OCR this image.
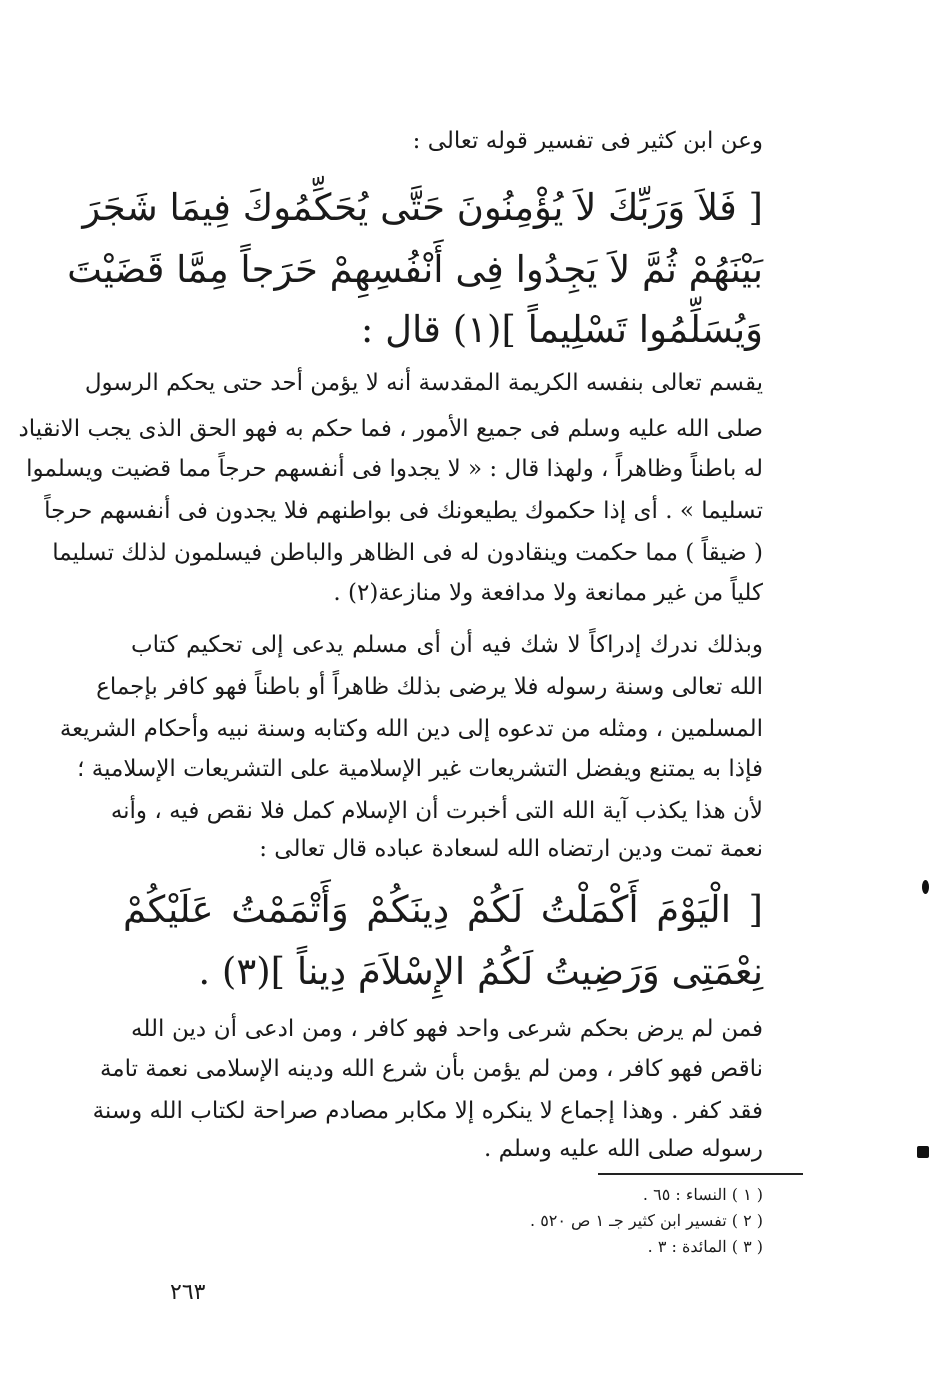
وعن ابن كثير فى تفسير قوله تعالى :
[ فَلاَ وَرَبِّكَ لاَ يُؤْمِنُونَ حَتَّى يُحَكِّمُوكَ فِيمَا شَجَرَ
بَيْنَهُمْ ثُمَّ لاَ يَجِدُوا فِى أَنْفُسِهِمْ حَرَجاً مِمَّا قَضَيْتَ
وَيُسَلِّمُوا تَسْلِيماً ](١) قال :
يقسم تعالى بنفسه الكريمة المقدسة أنه لا يؤمن أحد حتى يحكم الرسول
صلى الله عليه وسلم فى جميع الأمور ، فما حكم به فهو الحق الذى يجب الانقياد
له باطناً وظاهراً ، ولهذا قال : « لا يجدوا فى أنفسهم حرجاً مما قضيت ويسلموا
تسليما » . أى إذا حكموك يطيعونك فى بواطنهم فلا يجدون فى أنفسهم حرجاً
( ضيقاً ) مما حكمت وينقادون له فى الظاهر والباطن فيسلمون لذلك تسليما
كلياً من غير ممانعة ولا مدافعة ولا منازعة(٢) .
وبذلك ندرك إدراكاً لا شك فيه أن أى مسلم يدعى إلى تحكيم كتاب
الله تعالى وسنة رسوله فلا يرضى بذلك ظاهراً أو باطناً فهو كافر بإجماع
المسلمين ، ومثله من تدعوه إلى دين الله وكتابه وسنة نبيه وأحكام الشريعة
فإذا به يمتنع ويفضل التشريعات غير الإسلامية على التشريعات الإسلامية ؛
لأن هذا يكذب آية الله التى أخبرت أن الإسلام كمل فلا نقص فيه ، وأنه
نعمة تمت ودين ارتضاه الله لسعادة عباده قال تعالى :
[ الْيَوْمَ أَكْمَلْتُ لَكُمْ دِينَكُمْ وَأَتْمَمْتُ عَلَيْكُمْ
نِعْمَتِى وَرَضِيتُ لَكُمُ الإِسْلاَمَ دِيناً ](٣) .
فمن لم يرض بحكم شرعى واحد فهو كافر ، ومن ادعى أن دين الله
ناقص فهو كافر ، ومن لم يؤمن بأن شرع الله ودينه الإسلامى نعمة تامة
فقد كفر . وهذا إجماع لا ينكره إلا مكابر مصادم صراحة لكتاب الله وسنة
رسوله صلى الله عليه وسلم .
( ١ ) النساء : ٦٥ .
( ٢ ) تفسير ابن كثير جـ ١ ص ٥٢٠ .
( ٣ ) المائدة : ٣ .
٢٦٣
